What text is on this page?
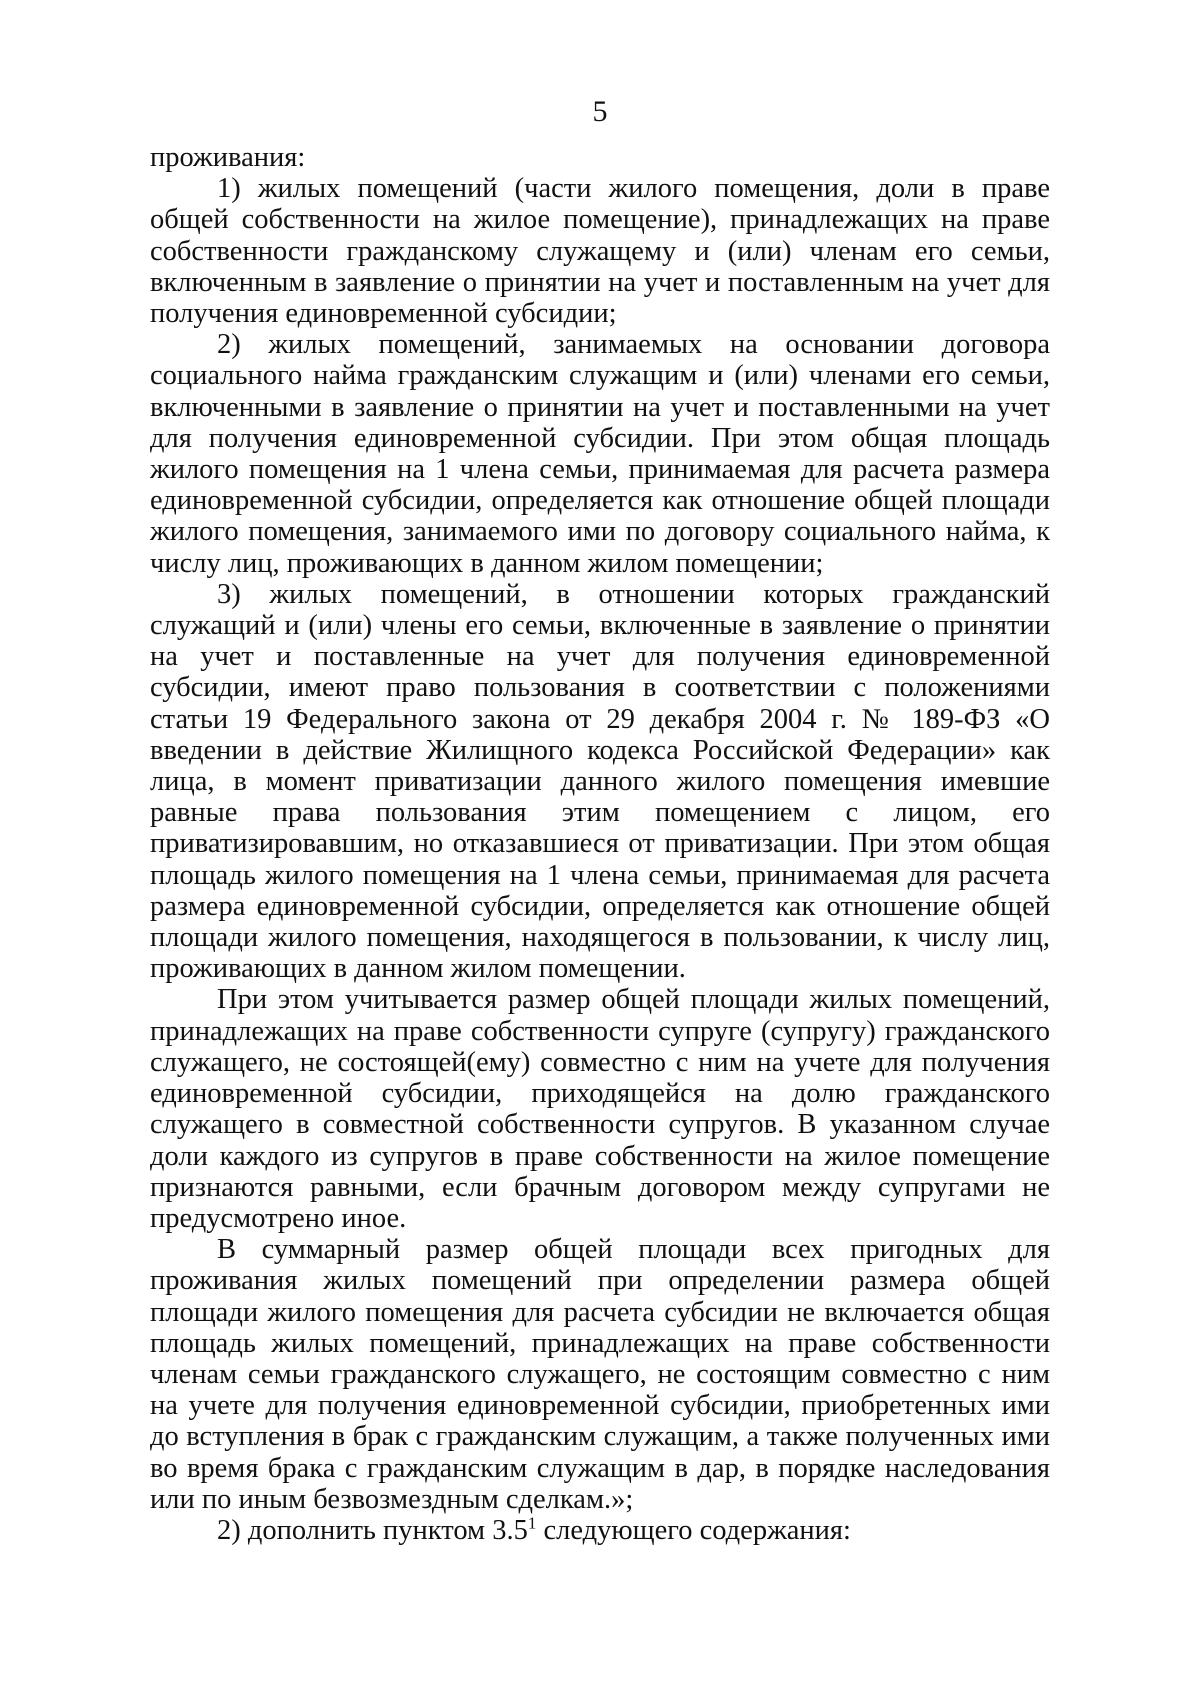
5

проживания:

1) жилых помещений (части жилого помещения, доли в праве общей собственности на жилое помещение), принадлежащих на праве собственности гражданскому служащему и (или) членам его семьи, включенным в заявление о принятии на учет и поставленным на учет для получения единовременной субсидии;

2) жилых помещений, занимаемых на основании договора социального найма гражданским служащим и (или) членами его семьи, включенными в заявление о принятии на учет и поставленными на учет для получения единовременной субсидии. При этом общая площадь жилого помещения на 1 члена семьи, принимаемая для расчета размера единовременной субсидии, определяется как отношение общей площади жилого помещения, занимаемого ими по договору социального найма, к числу лиц, проживающих в данном жилом помещении;

3) жилых помещений, в отношении которых гражданский служащий и (или) члены его семьи, включенные в заявление о принятии на учет и поставленные на учет для получения единовременной субсидии, имеют право пользования в соответствии с положениями статьи 19 Федерального закона от 29 декабря 2004 г. № 189-ФЗ «О введении в действие Жилищного кодекса Российской Федерации» как лица, в момент приватизации данного жилого помещения имевшие равные права пользования этим помещением с лицом, его приватизировавшим, но отказавшиеся от приватизации. При этом общая площадь жилого помещения на 1 члена семьи, принимаемая для расчета размера единовременной субсидии, определяется как отношение общей площади жилого помещения, находящегося в пользовании, к числу лиц, проживающих в данном жилом помещении.

При этом учитывается размер общей площади жилых помещений, принадлежащих на праве собственности супруге (супругу) гражданского служащего, не состоящей(ему) совместно с ним на учете для получения единовременной субсидии, приходящейся на долю гражданского служащего в совместной собственности супругов. В указанном случае доли каждого из супругов в праве собственности на жилое помещение признаются равными, если брачным договором между супругами не предусмотрено иное.

В суммарный размер общей площади всех пригодных для проживания жилых помещений при определении размера общей площади жилого помещения для расчета субсидии не включается общая площадь жилых помещений, принадлежащих на праве собственности членам семьи гражданского служащего, не состоящим совместно с ним на учете для получения единовременной субсидии, приобретенных ими до вступления в брак с гражданским служащим, а также полученных ими во время брака с гражданским служащим в дар, в порядке наследования или по иным безвозмездным сделкам.»;

2) дополнить пунктом $3.5^1$ следующего содержания:
